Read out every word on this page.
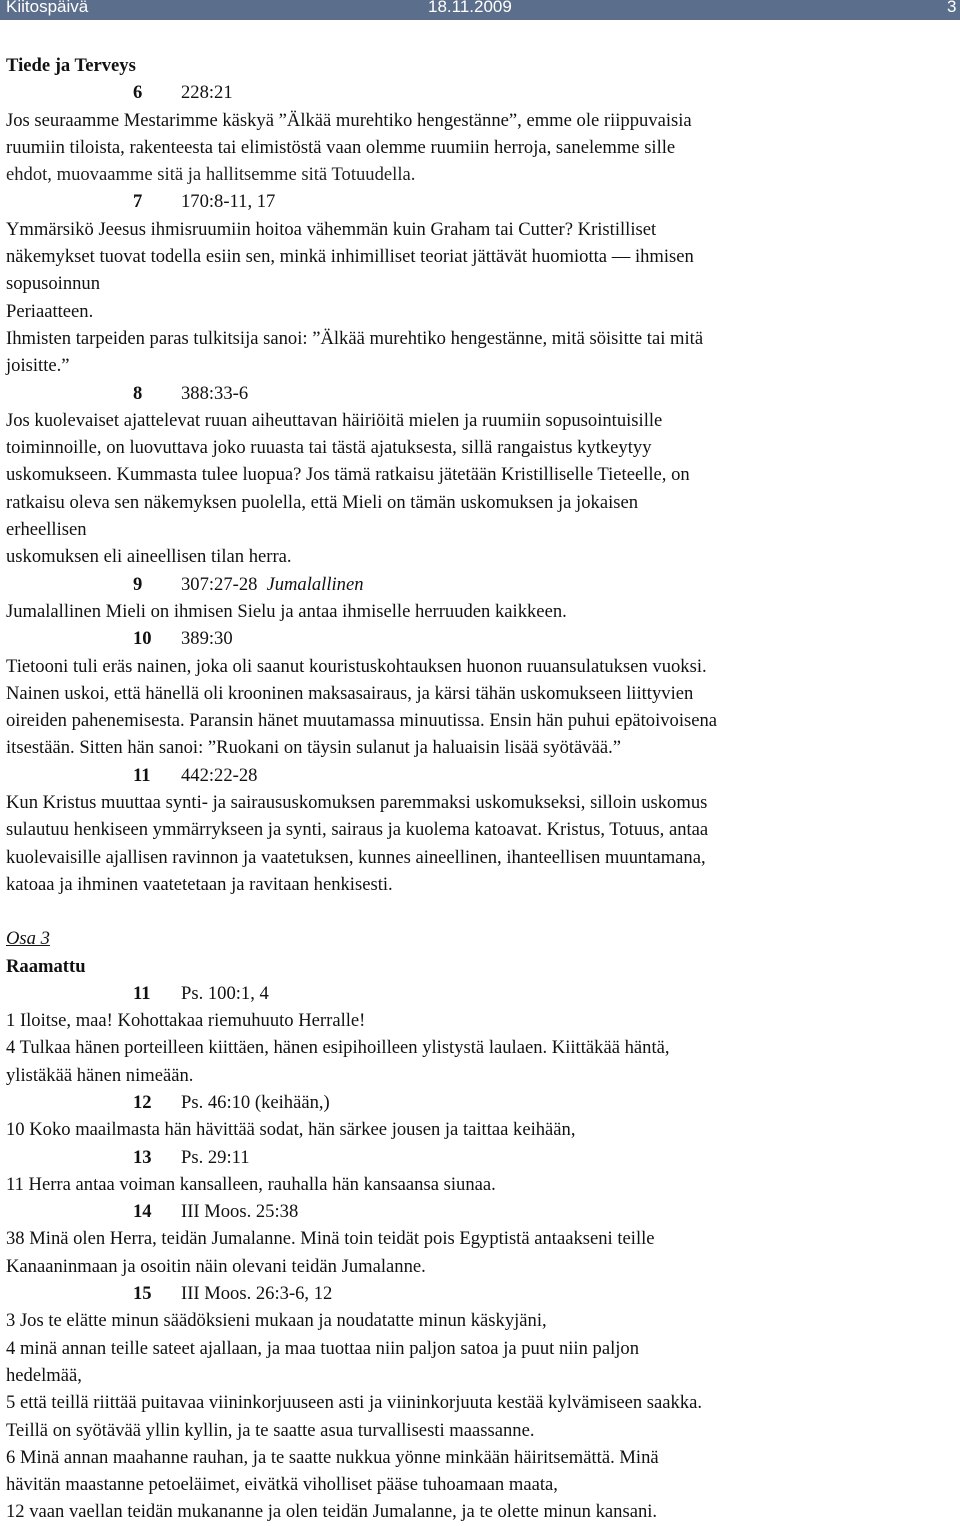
Kiitospäivä	18.11.2009	3

Tiede ja Terveys

6 228:21

Jos seuraamme Mestarimme käskyä ”Älkää murehtiko hengestänne”, emme ole riippuvaisia

ruumiin tiloista, rakenteesta tai elimistöstä vaan olemme ruumiin herroja, sanelemme sille

ehdot, muovaamme sitä ja hallitsemme sitä Totuudella.

7 170:8-11, 17

Ymmärsikö Jeesus ihmisruumiin hoitoa vähemmän kuin Graham tai Cutter? Kristilliset

näkemykset tuovat todella esiin sen, minkä inhimilliset teoriat jättävät huomiotta — ihmisen

sopusoinnun

Periaatteen.

Ihmisten tarpeiden paras tulkitsija sanoi: ”Älkää murehtiko hengestänne, mitä söisitte tai mitä

joisitte.”

8 388:33-6

Jos kuolevaiset ajattelevat ruuan aiheuttavan häiriöitä mielen ja ruumiin sopusointuisille

toiminnoille, on luovuttava joko ruuasta tai tästä ajatuksesta, sillä rangaistus kytkeytyy

uskomukseen. Kummasta tulee luopua? Jos tämä ratkaisu jätetään Kristilliselle Tieteelle, on

ratkaisu oleva sen näkemyksen puolella, että Mieli on tämän uskomuksen ja jokaisen

erheellisen

uskomuksen eli aineellisen tilan herra.

9 307:27-28 Jumalallinen

Jumalallinen Mieli on ihmisen Sielu ja antaa ihmiselle herruuden kaikkeen.

10 389:30

Tietooni tuli eräs nainen, joka oli saanut kouristuskohtauksen huonon ruuansulatuksen vuoksi.

Nainen uskoi, että hänellä oli krooninen maksasairaus, ja kärsi tähän uskomukseen liittyvien

oireiden pahenemisesta. Paransin hänet muutamassa minuutissa. Ensin hän puhui epätoivoisena

itsestään. Sitten hän sanoi: ”Ruokani on täysin sulanut ja haluaisin lisää syötävää.”

11 442:22-28

Kun Kristus muuttaa synti- ja sairaususkomuksen paremmaksi uskomukseksi, silloin uskomus

sulautuu henkiseen ymmärrykseen ja synti, sairaus ja kuolema katoavat. Kristus, Totuus, antaa

kuolevaisille ajallisen ravinnon ja vaatetuksen, kunnes aineellinen, ihanteellisen muuntamana,

katoaa ja ihminen vaatetetaan ja ravitaan henkisesti.

Osa 3

Raamattu

11 Ps. 100:1, 4

1 Iloitse, maa! Kohottakaa riemuhuuto Herralle!

4 Tulkaa hänen porteilleen kiittäen, hänen esipihoilleen ylistystä laulaen. Kiittäkää häntä,

ylistäkää hänen nimeään.

12 Ps. 46:10 (keihään,)

10 Koko maailmasta hän hävittää sodat, hän särkee jousen ja taittaa keihään,

13 Ps. 29:11

11 Herra antaa voiman kansalleen, rauhalla hän kansaansa siunaa.

14 III Moos. 25:38

38 Minä olen Herra, teidän Jumalanne. Minä toin teidät pois Egyptistä antaakseni teille

Kanaaninmaan ja osoitin näin olevani teidän Jumalanne.

15 III Moos. 26:3-6, 12

3 Jos te elätte minun säädöksieni mukaan ja noudatatte minun käskyjäni,

4 minä annan teille sateet ajallaan, ja maa tuottaa niin paljon satoa ja puut niin paljon

hedelmää,

5 että teillä riittää puitavaa viininkorjuuseen asti ja viininkorjuuta kestää kylvämiseen saakka.

Teillä on syötävää yllin kyllin, ja te saatte asua turvallisesti maassanne.

6 Minä annan maahanne rauhan, ja te saatte nukkua yönne minkään häiritsemättä. Minä

hävitän maastanne petoeläimet, eivätkä viholliset pääse tuhoamaan maata,

12 vaan vaellan teidän mukananne ja olen teidän Jumalanne, ja te olette minun kansani.
